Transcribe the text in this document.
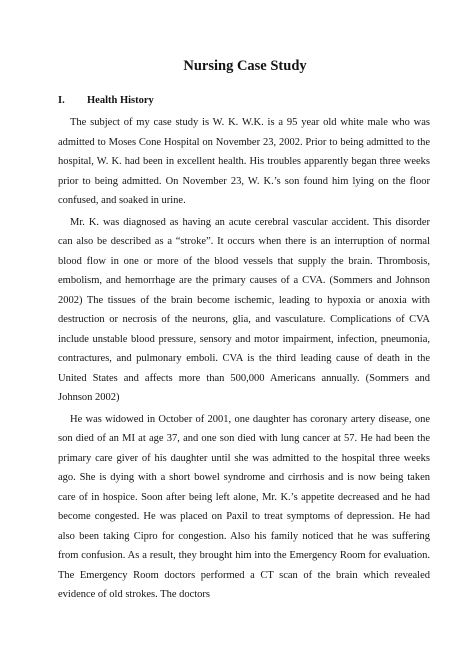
Nursing Case Study
I.	Health History

The subject of my case study is W. K. W.K. is a 95 year old white male who was admitted to Moses Cone Hospital on November 23, 2002. Prior to being admitted to the hospital, W. K. had been in excellent health. His troubles apparently began three weeks prior to being admitted. On November 23, W. K.’s son found him lying on the floor confused, and soaked in urine.

Mr. K. was diagnosed as having an acute cerebral vascular accident. This disorder can also be described as a “stroke”. It occurs when there is an interruption of normal blood flow in one or more of the blood vessels that supply the brain. Thrombosis, embolism, and hemorrhage are the primary causes of a CVA. (Sommers and Johnson 2002) The tissues of the brain become ischemic, leading to hypoxia or anoxia with destruction or necrosis of the neurons, glia, and vasculature. Complications of CVA include unstable blood pressure, sensory and motor impairment, infection, pneumonia, contractures, and pulmonary emboli. CVA is the third leading cause of death in the United States and affects more than 500,000 Americans annually. (Sommers and Johnson 2002)

He was widowed in October of 2001, one daughter has coronary artery disease, one son died of an MI at age 37, and one son died with lung cancer at 57. He had been the primary care giver of his daughter until she was admitted to the hospital three weeks ago. She is dying with a short bowel syndrome and cirrhosis and is now being taken care of in hospice. Soon after being left alone, Mr. K.’s appetite decreased and he had become congested. He was placed on Paxil to treat symptoms of depression. He had also been taking Cipro for congestion. Also his family noticed that he was suffering from confusion. As a result, they brought him into the Emergency Room for evaluation. The Emergency Room doctors performed a CT scan of the brain which revealed evidence of old strokes. The doctors
